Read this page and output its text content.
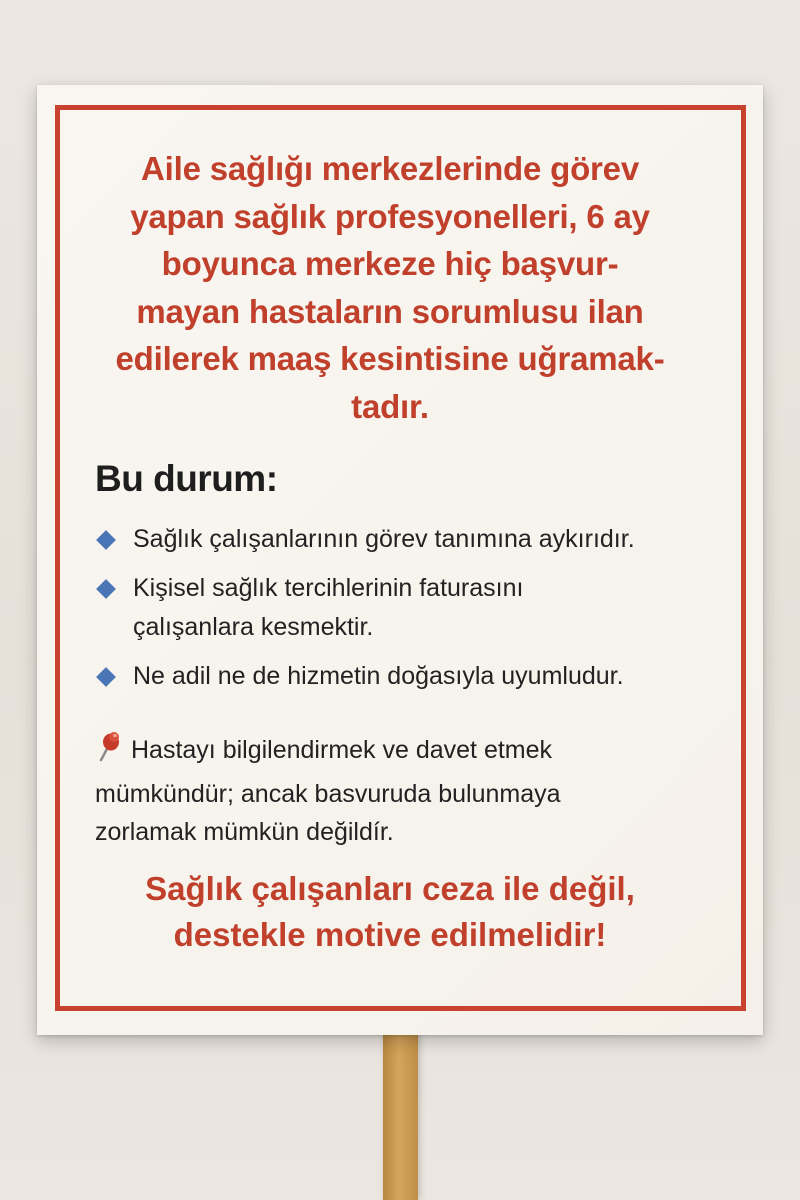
Aile sağlığı merkezlerinde görev
yapan sağlık profesyonelleri, 6 ay
boyunca merkeze hiç başvur-
mayan hastaların sorumlusu ilan
edilerek maaş kesintisine uğramak-
tadır.
Bu durum:
Sağlık çalışanlarının görev tanımına aykırıdır.
Kişisel sağlık tercihlerinin faturasını
çalışanlara kesmektir.
Ne adil ne de hizmetin doğasıyla uyumludur.
Hastayı bilgilendirmek ve davet etmek
mümkündür; ancak basvuruda bulunmaya
zorlamak mümkün değildír.
Sağlık çalışanları ceza ile değil,
destekle motive edilmelidir!
